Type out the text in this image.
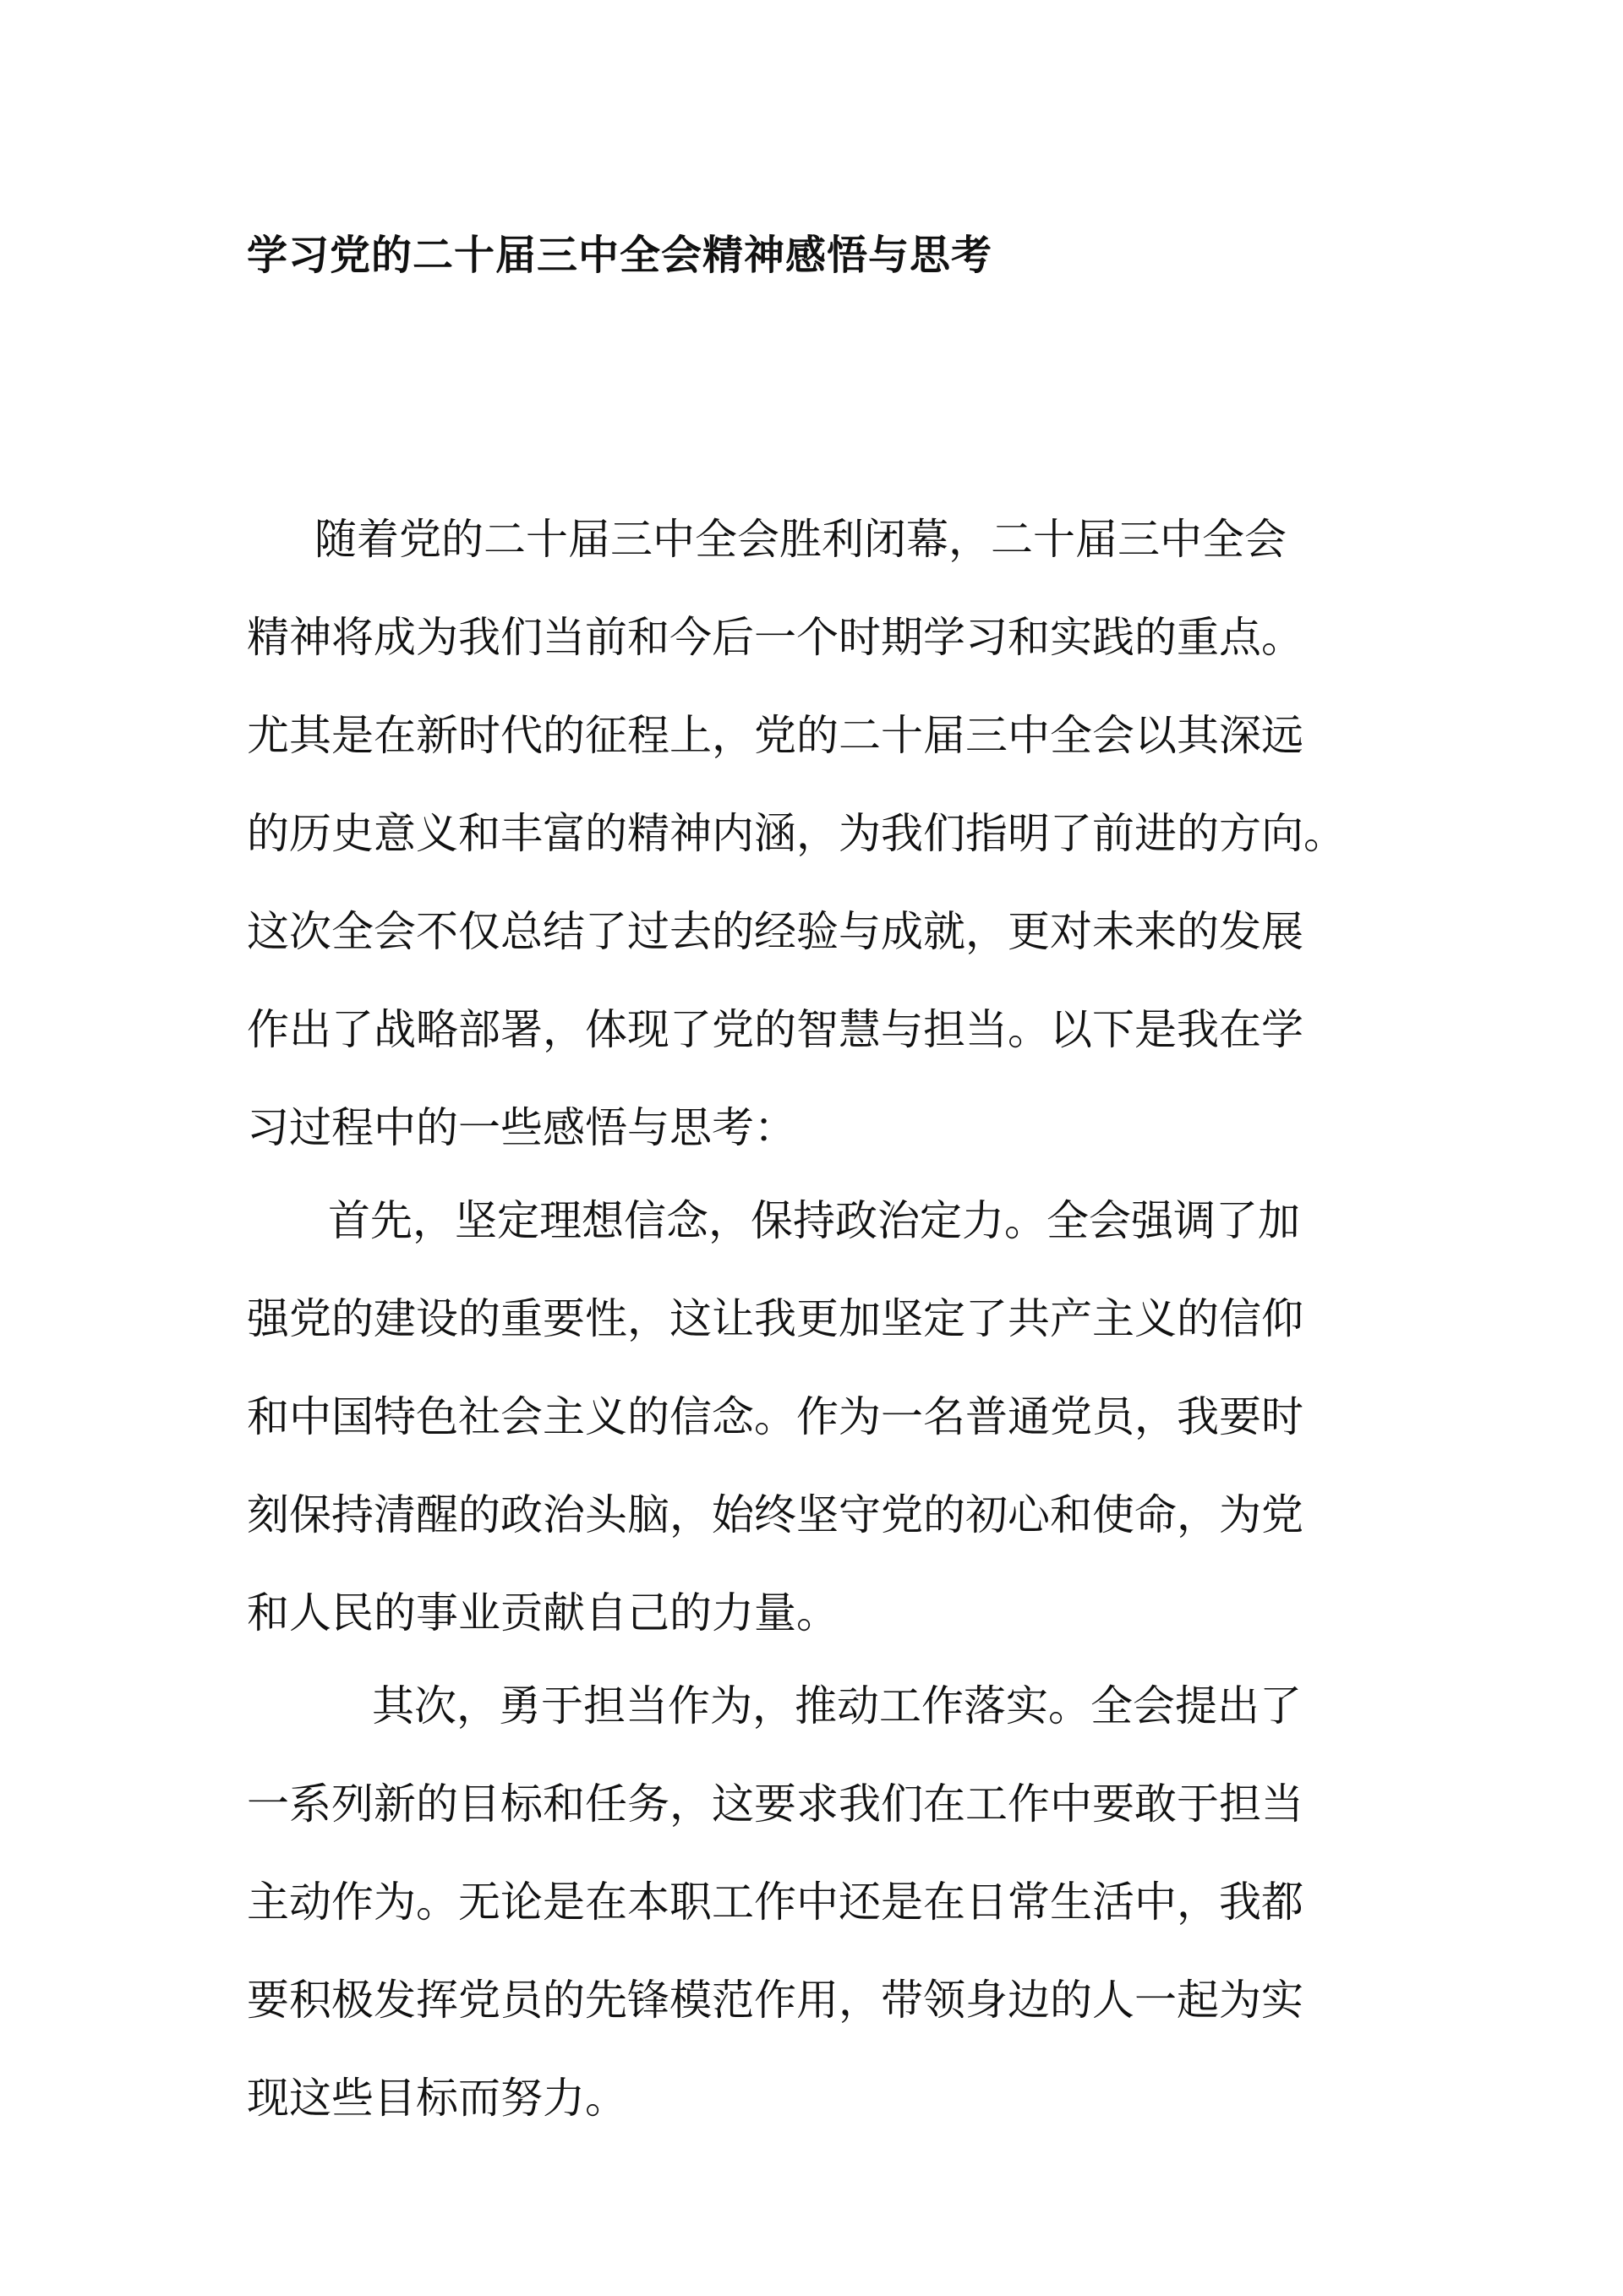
学习党的二十届三中全会精神感悟与思考
随着党的二十届三中全会胜利闭幕，二十届三中全会
精神将成为我们当前和今后一个时期学习和实践的重点。
尤其是在新时代的征程上，党的二十届三中全会以其深远
的历史意义和丰富的精神内涵，为我们指明了前进的方向。
这次全会不仅总结了过去的经验与成就，更对未来的发展
作出了战略部署，体现了党的智慧与担当。以下是我在学
习过程中的一些感悟与思考：
首先，坚定理想信念，保持政治定力。全会强调了加
强党的建设的重要性，这让我更加坚定了共产主义的信仰
和中国特色社会主义的信念。作为一名普通党员，我要时
刻保持清醒的政治头脑，始终坚守党的初心和使命，为党
和人民的事业贡献自己的力量。
其次，勇于担当作为，推动工作落实。全会提出了
一系列新的目标和任务，这要求我们在工作中要敢于担当
主动作为。无论是在本职工作中还是在日常生活中，我都
要积极发挥党员的先锋模范作用，带领身边的人一起为实
现这些目标而努力。
